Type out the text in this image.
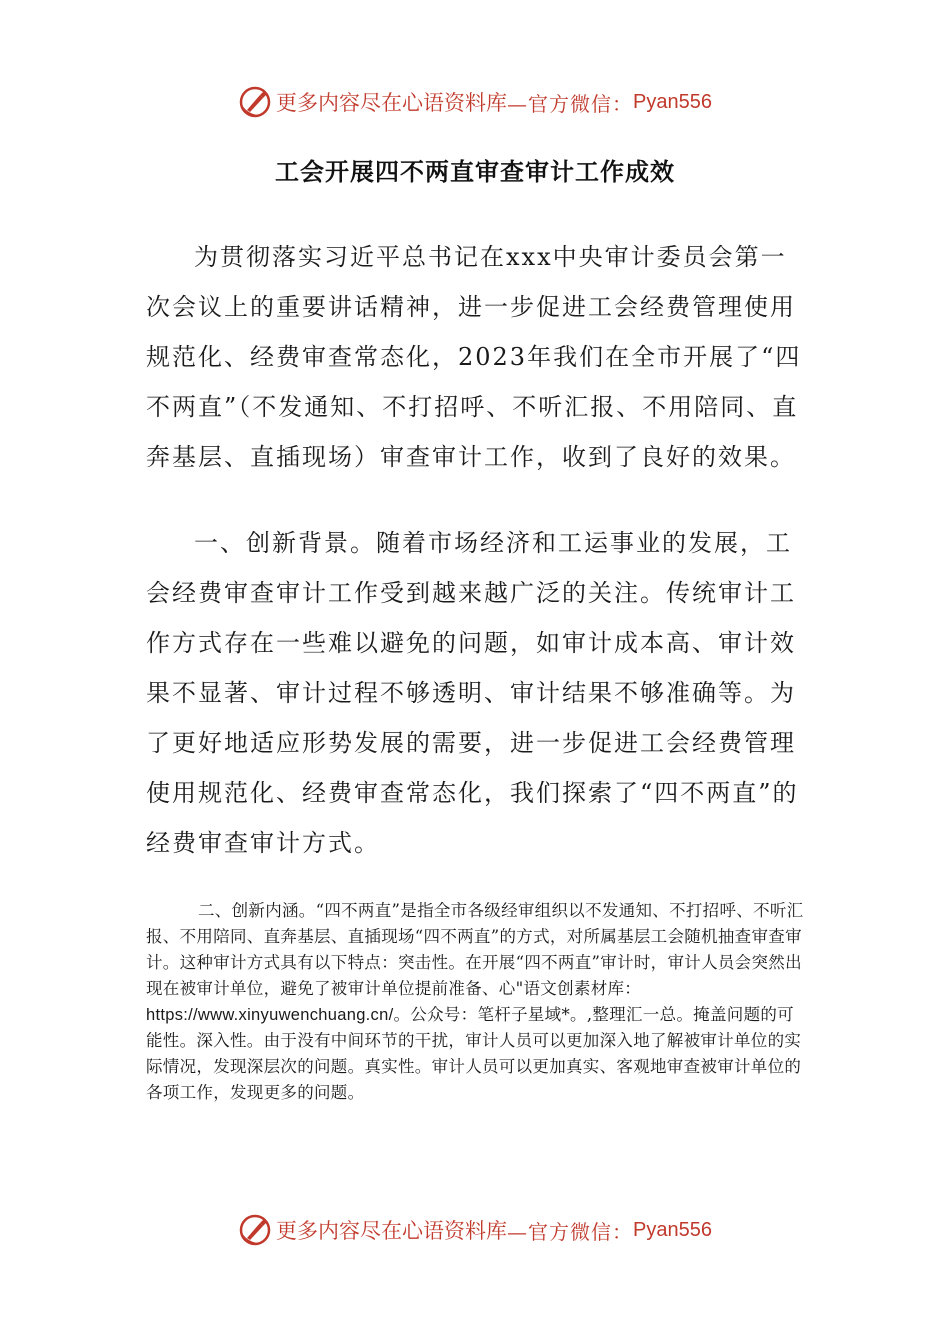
更多内容尽在心语资料库 —官方微信： Pyan556
工会开展四不两直审查审计工作成效

为贯彻落实习近平总书记在xxx中央审计委员会第一次会议上的重要讲话精神，进一步促进工会经费管理使用规范化、经费审查常态化，2023年我们在全市开展了“四不两直”（不发通知、不打招呼、不听汇报、不用陪同、直奔基层、直插现场）审查审计工作，收到了良好的效果。

一、创新背景。随着市场经济和工运事业的发展，工会经费审查审计工作受到越来越广泛的关注。传统审计工作方式存在一些难以避免的问题，如审计成本高、审计效果不显著、审计过程不够透明、审计结果不够准确等。为了更好地适应形势发展的需要，进一步促进工会经费管理使用规范化、经费审查常态化，我们探索了“四不两直”的经费审查审计方式。

二、创新内涵。“四不两直”是指全市各级经审组织以不发通知、不打招呼、不听汇报、不用陪同、直奔基层、直插现场“四不两直”的方式，对所属基层工会随机抽查审查审计。这种审计方式具有以下特点：突击性。在开展“四不两直”审计时，审计人员会突然出现在被审计单位，避免了被审计单位提前准备、心"语文创素材库：https://www.xinyuwenchuang.cn/。公众号：笔杆子星域*。,整理汇一总。掩盖问题的可能性。深入性。由于没有中间环节的干扰，审计人员可以更加深入地了解被审计单位的实际情况，发现深层次的问题。真实性。审计人员可以更加真实、客观地审查被审计单位的各项工作，发现更多的问题。

更多内容尽在心语资料库 —官方微信： Pyan556
